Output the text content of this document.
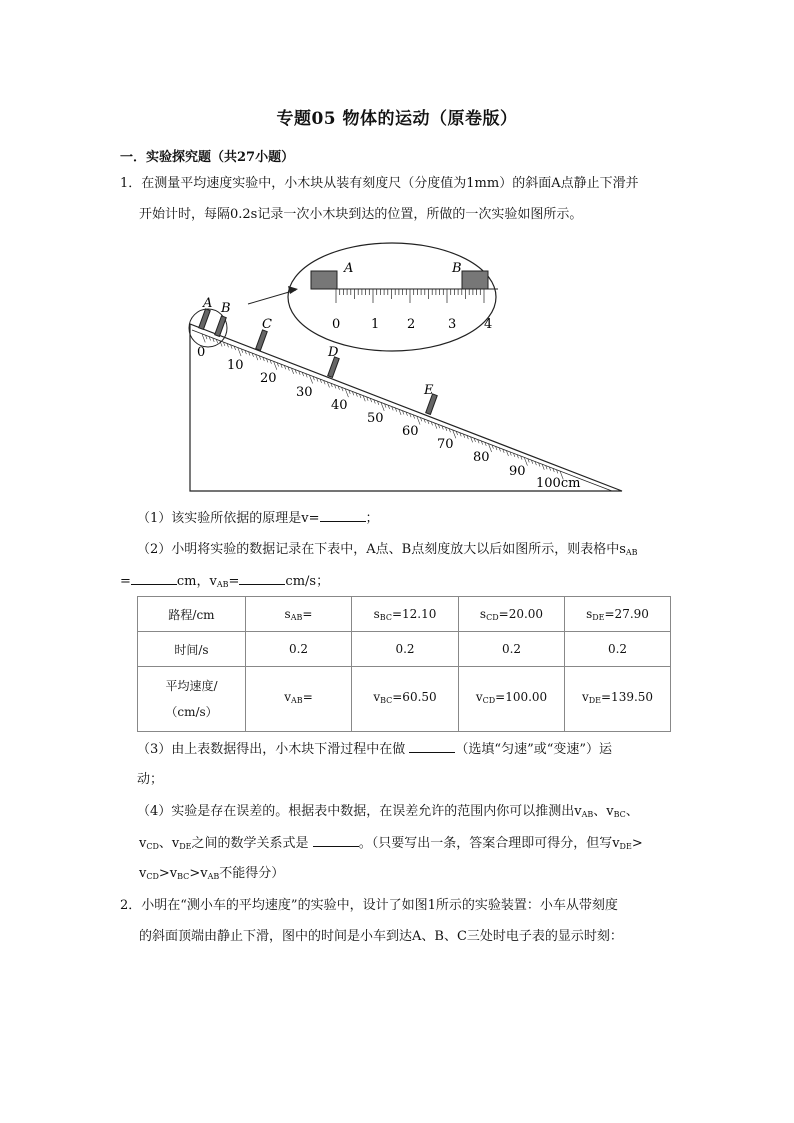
专题05 物体的运动（原卷版）
一．实验探究题（共27小题）
1．在测量平均速度实验中，小木块从装有刻度尺（分度值为1mm）的斜面A点静止下滑并
开始计时，每隔0.2s记录一次小木块到达的位置，所做的一次实验如图所示。
A	B
0 1 2	3 4
A B
C
D
E
0
10
20
30
40
50
60
70
80
90
100cm
（1）该实验所依据的原理是v=	；
（2）小明将实验的数据记录在下表中，A点、B点刻度放大以后如图所示，则表格中$s_{AB}$
=	cm，$v_{AB}=$	cm/s；
路程/cm	$s_{AB}=$	$s_{BC}=12.10$	$s_{CD}=20.00$	$s_{DE}=27.90$
时间/s	0.2	0.2	0.2	0.2

平均速度/
（cm/s）	$v_{AB}=$	$v_{BC}=60.50$	$v_{CD}=100.00$	$v_{DE}=139.50$
（3）由上表数据得出，小木块下滑过程中在做	（选填“匀速”或“变速”）运
动；
（4）实验是存在误差的。根据表中数据，在误差允许的范围内你可以推测出$v_{AB}$、$v_{BC}$、
$v_{CD}$、$v_{DE}$之间的数学关系式是	。（只要写出一条，答案合理即可得分，但写$v_{DE}>$
$v_{CD}>v_{BC}>v_{AB}$不能得分）
2．小明在“测小车的平均速度”的实验中，设计了如图1所示的实验装置：小车从带刻度
的斜面顶端由静止下滑，图中的时间是小车到达A、B、C三处时电子表的显示时刻：
